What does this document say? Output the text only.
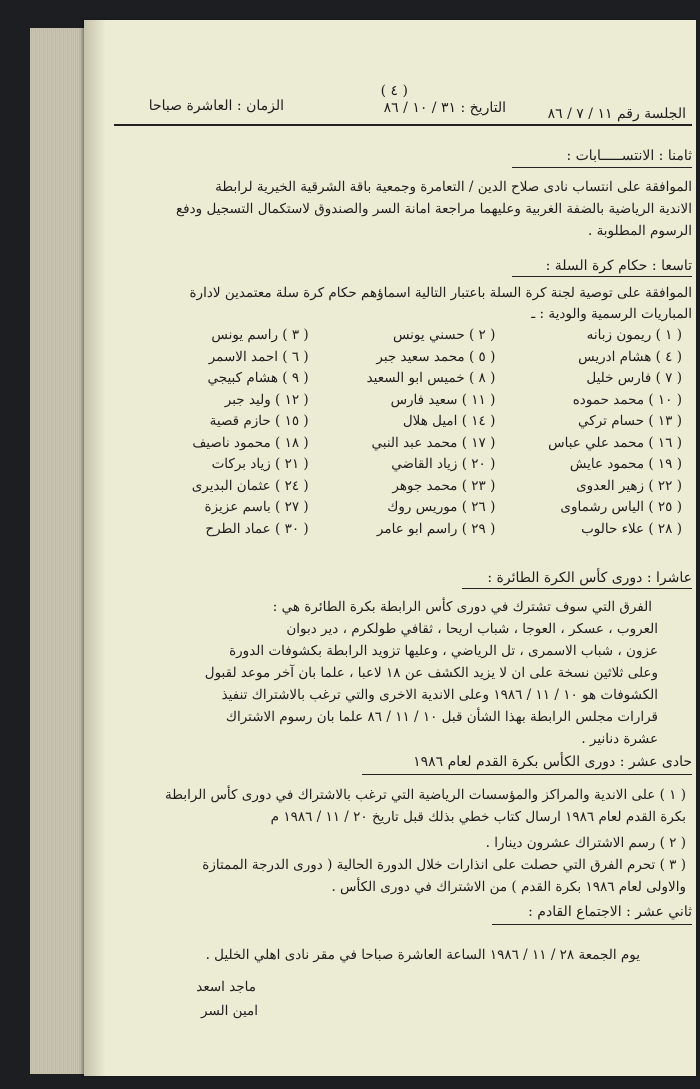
الجلسة رقم ١١ / ٧ / ٨٦
( ٤ )
التاريخ : ٣١ / ١٠ / ٨٦
الزمان : العاشرة صباحا
ثامنا : الانتســـــابات :
الموافقة على انتساب نادى صلاح الدين / التعامرة وجمعية باقة الشرقية الخيرية لرابطة
الاندية الرياضية بالضفة الغربية وعليهما مراجعة امانة السر والصندوق لاستكمال التسجيل ودفع
الرسوم المطلوبة .
تاسعا : حكام كرة السلة :
الموافقة على توصية لجنة كرة السلة باعتبار التالية اسماؤهم حكام كرة سلة معتمدين لادارة
المباريات الرسمية والودية : ـ
( ١ ) ريمون زبانه
( ٢ ) حسني يونس
( ٣ ) راسم يونس
( ٤ ) هشام ادريس
( ٥ ) محمد سعيد جبر
( ٦ ) احمد الاسمر
( ٧ ) فارس خليل
( ٨ ) خميس ابو السعيد
( ٩ ) هشام كبيجي
( ١٠ ) محمد حموده
( ١١ ) سعيد فارس
( ١٢ ) وليد جبر
( ١٣ ) حسام تركي
( ١٤ ) اميل هلال
( ١٥ ) حازم قصية
( ١٦ ) محمد علي عباس
( ١٧ ) محمد عبد النبي
( ١٨ ) محمود ناصيف
( ١٩ ) محمود عايش
( ٢٠ ) زياد القاضي
( ٢١ ) زياد بركات
( ٢٢ ) زهير العدوى
( ٢٣ ) محمد جوهر
( ٢٤ ) عثمان البديرى
( ٢٥ ) الياس رشماوى
( ٢٦ ) موريس روك
( ٢٧ ) باسم عزيزة
( ٢٨ ) علاء حالوب
( ٢٩ ) راسم ابو عامر
( ٣٠ ) عماد الطرح
عاشرا : دورى كأس الكرة الطائرة :
الفرق التي سوف تشترك في دورى كأس الرابطة بكرة الطائرة هي :
العروب ، عسكر ، العوجا ، شباب اريحا ، ثقافي طولكرم ، دير دبوان
عزون ، شباب الاسمرى ، تل الرياضي ، وعليها تزويد الرابطة بكشوفات الدورة
وعلى ثلاثين نسخة على ان لا يزيد الكشف عن ١٨ لاعبا ، علما بان آخر موعد لقبول
الكشوفات هو ١٠ / ١١ / ١٩٨٦ وعلى الاندية الاخرى والتي ترغب بالاشتراك تنفيذ
قرارات مجلس الرابطة بهذا الشأن قبل ١٠ / ١١ / ٨٦ علما بان رسوم الاشتراك
عشرة دنانير .
حادى عشر : دورى الكأس بكرة القدم لعام ١٩٨٦
( ١ ) على الاندية والمراكز والمؤسسات الرياضية التي ترغب بالاشتراك في دورى كأس الرابطة
بكرة القدم لعام ١٩٨٦ ارسال كتاب خطي بذلك قبل تاريخ ٢٠ / ١١ / ١٩٨٦ م
( ٢ ) رسم الاشتراك عشرون دينارا .
( ٣ ) تحرم الفرق التي حصلت على انذارات خلال الدورة الحالية ( دورى الدرجة الممتازة
والاولى لعام ١٩٨٦ بكرة القدم ) من الاشتراك في دورى الكأس .
ثاني عشر : الاجتماع القادم :
يوم الجمعة ٢٨ / ١١ / ١٩٨٦ الساعة العاشرة صباحا في مقر نادى اهلي الخليل .
ماجد اسعد
امين السر
